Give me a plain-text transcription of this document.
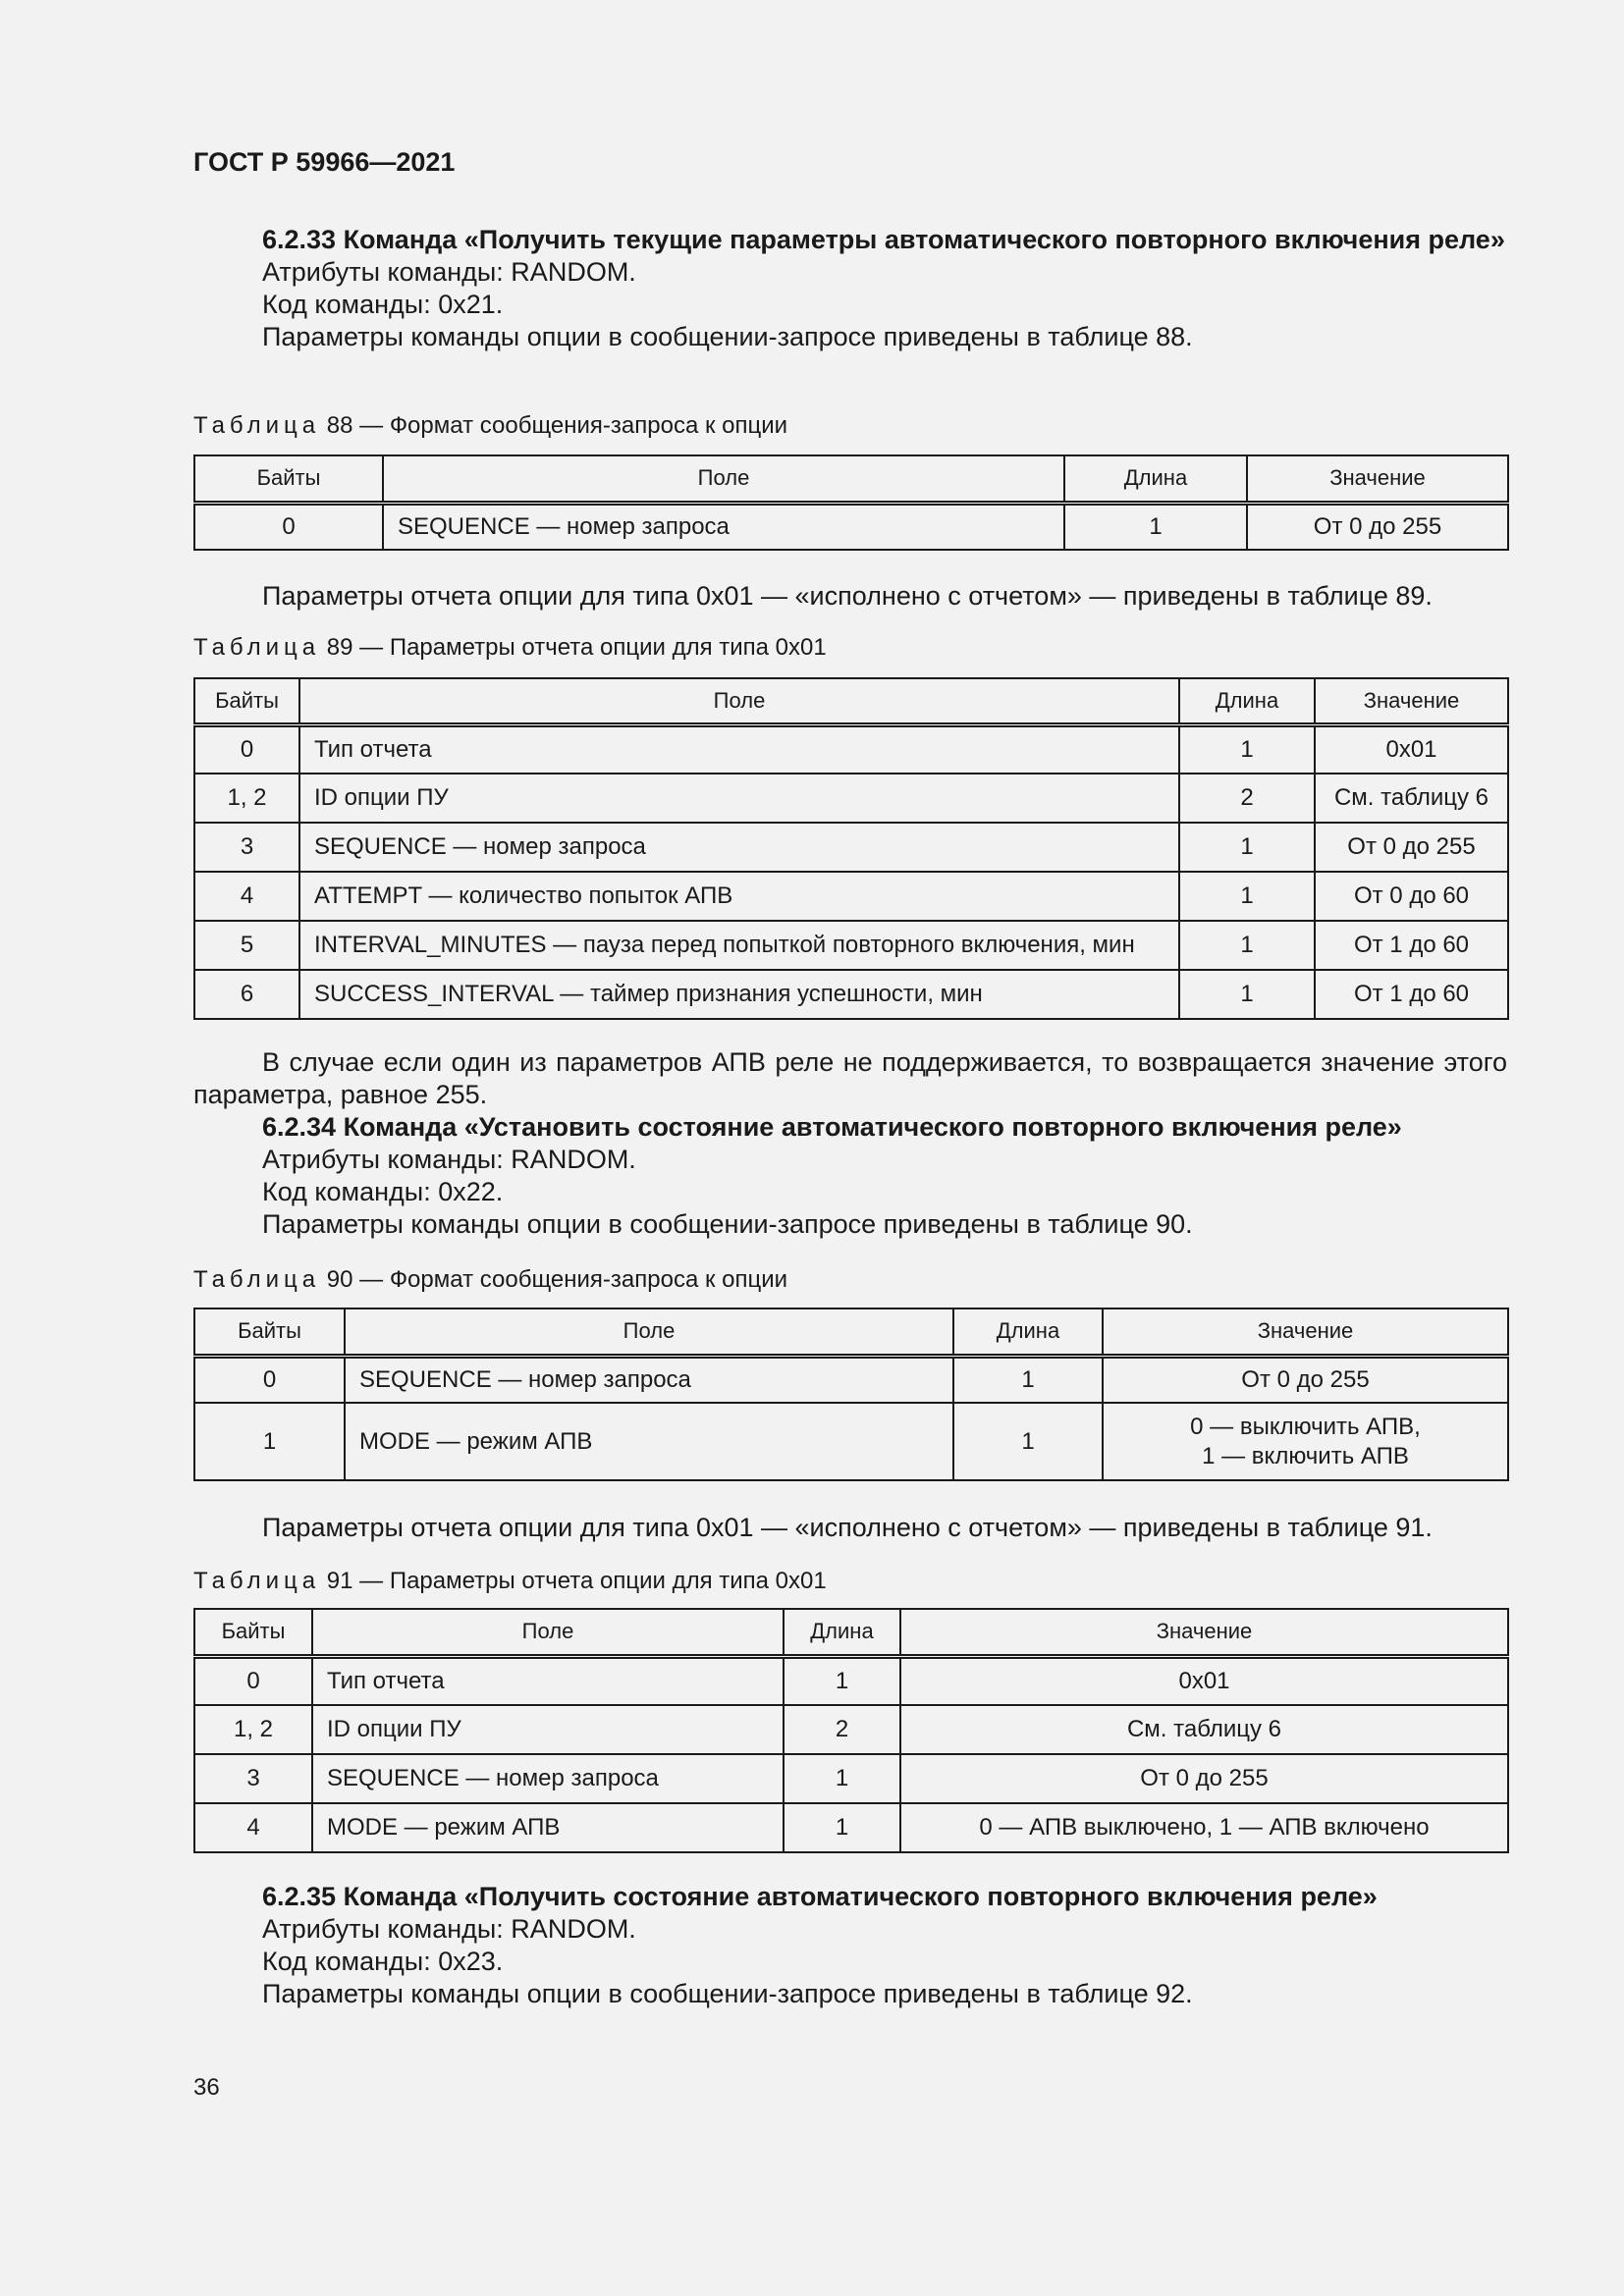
ГОСТ Р 59966—2021

6.2.33 Команда «Получить текущие параметры автоматического повторного включения реле»

Атрибуты команды: RANDOM.

Код команды: 0х21.

Параметры команды опции в сообщении-запросе приведены в таблице 88.

Таблица 88 — Формат сообщения-запроса к опции
Байты	Поле	Длина	Значение
0	SEQUENCE — номер запроса	1	От 0 до 255

Параметры отчета опции для типа 0х01 — «исполнено с отчетом» — приведены в таблице 89.

Таблица 89 — Параметры отчета опции для типа 0х01
Байты	Поле	Длина	Значение
0	Тип отчета	1	0х01
1, 2	ID опции ПУ	2	См. таблицу 6
3	SEQUENCE — номер запроса	1	От 0 до 255
4	ATTEMPT — количество попыток АПВ	1	От 0 до 60
5	INTERVAL_MINUTES — пауза перед попыткой повторного включения, мин	1	От 1 до 60
6	SUCCESS_INTERVAL — таймер признания успешности, мин	1	От 1 до 60

В случае если один из параметров АПВ реле не поддерживается, то возвращается значение этого параметра, равное 255.

6.2.34 Команда «Установить состояние автоматического повторного включения реле»

Атрибуты команды: RANDOM.

Код команды: 0х22.

Параметры команды опции в сообщении-запросе приведены в таблице 90.

Таблица 90 — Формат сообщения-запроса к опции
Байты	Поле	Длина	Значение
0	SEQUENCE — номер запроса	1	От 0 до 255
1	MODE — режим АПВ	1	0 — выключить АПВ,
1 — включить АПВ

Параметры отчета опции для типа 0х01 — «исполнено с отчетом» — приведены в таблице 91.

Таблица 91 — Параметры отчета опции для типа 0х01
Байты	Поле	Длина	Значение
0	Тип отчета	1	0х01
1, 2	ID опции ПУ	2	См. таблицу 6
3	SEQUENCE — номер запроса	1	От 0 до 255
4	MODE — режим АПВ	1	0 — АПВ выключено, 1 — АПВ включено

6.2.35 Команда «Получить состояние автоматического повторного включения реле»

Атрибуты команды: RANDOM.

Код команды: 0х23.

Параметры команды опции в сообщении-запросе приведены в таблице 92.

36
